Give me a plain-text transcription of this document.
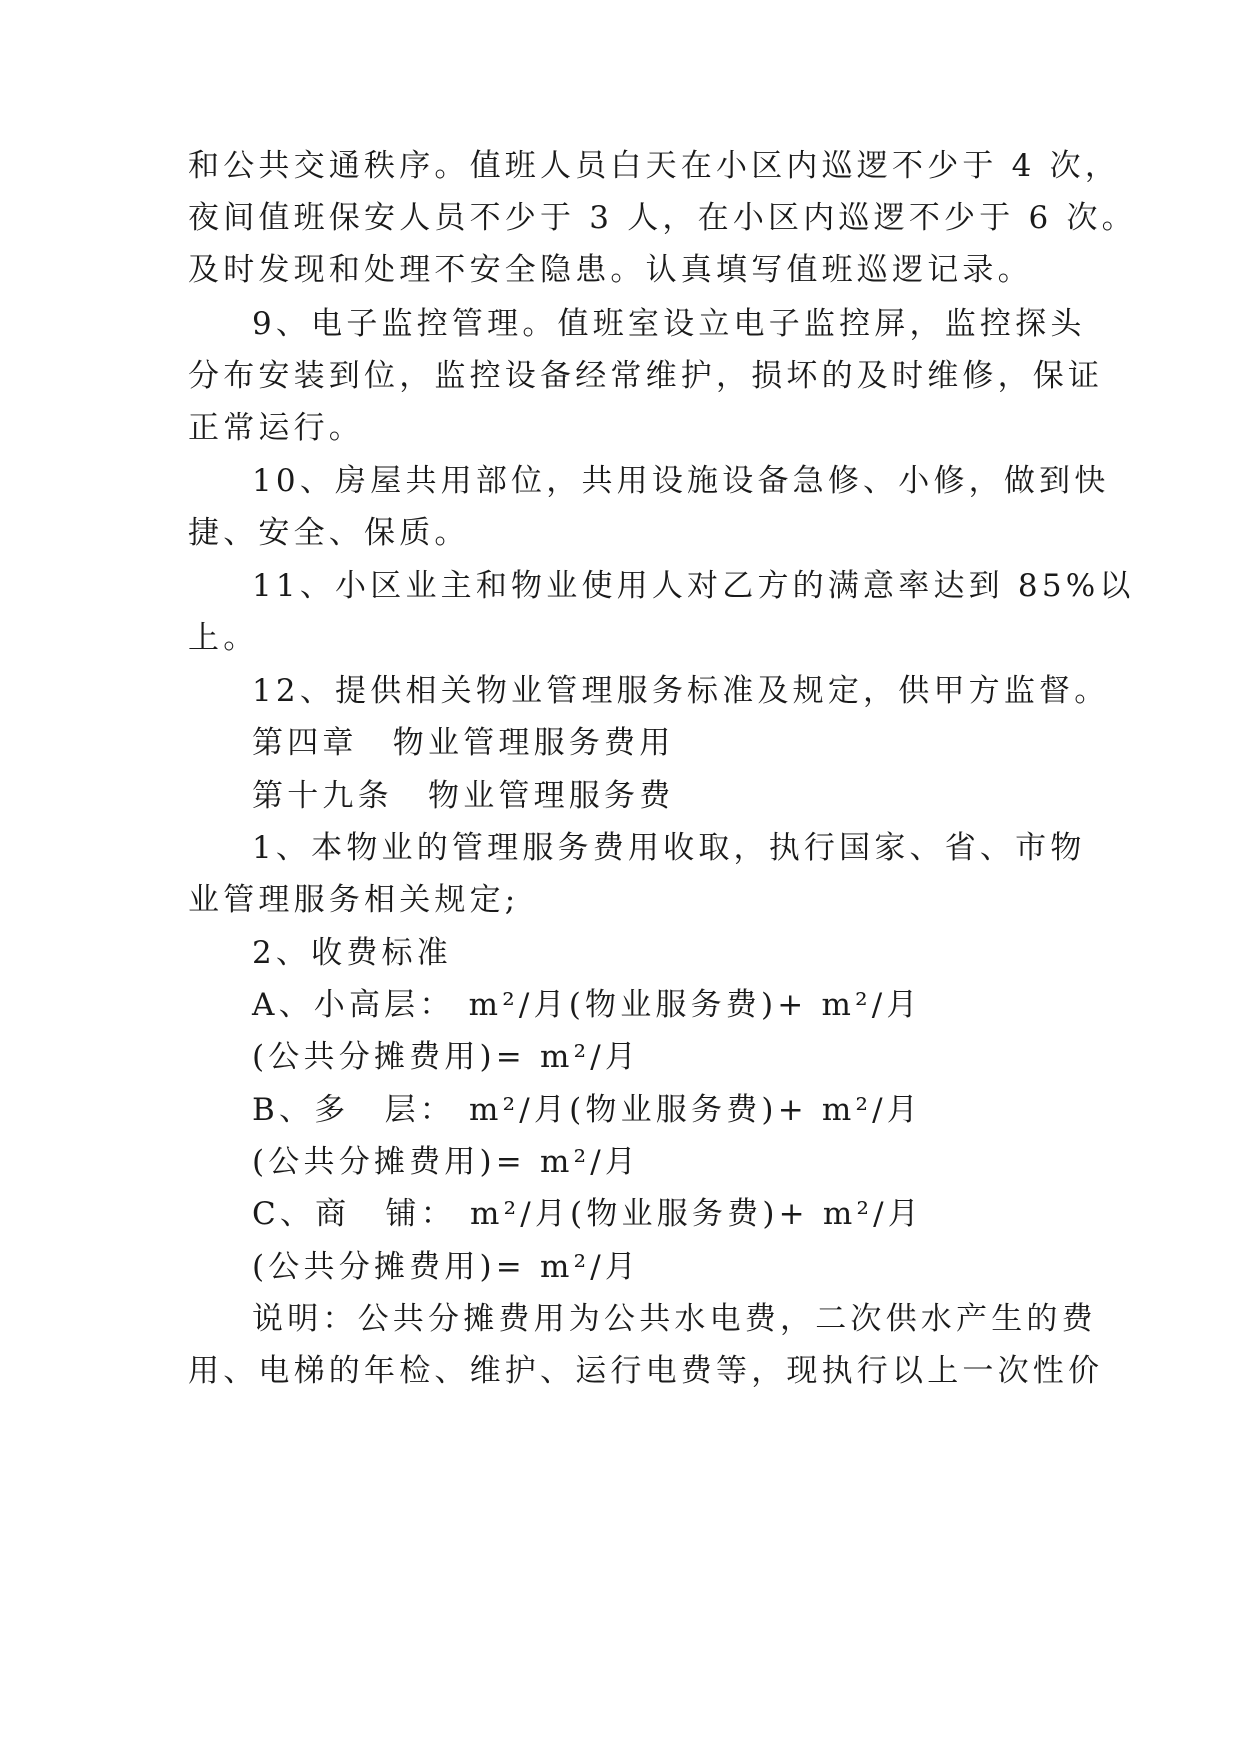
和公共交通秩序。值班人员白天在小区内巡逻不少于 4 次，
夜间值班保安人员不少于 3 人，在小区内巡逻不少于 6 次。
及时发现和处理不安全隐患。认真填写值班巡逻记录。
9、电子监控管理。值班室设立电子监控屏，监控探头
分布安装到位，监控设备经常维护，损坏的及时维修，保证
正常运行。
10、房屋共用部位，共用设施设备急修、小修，做到快
捷、安全、保质。
11、小区业主和物业使用人对乙方的满意率达到 85%以
上。
12、提供相关物业管理服务标准及规定，供甲方监督。
第四章　物业管理服务费用
第十九条　物业管理服务费
1、本物业的管理服务费用收取，执行国家、省、市物
业管理服务相关规定;
2、收费标准
A、小高层： m²/月(物业服务费)+ m²/月
(公共分摊费用)= m²/月
B、多　层： m²/月(物业服务费)+ m²/月
(公共分摊费用)= m²/月
C、商　铺： m²/月(物业服务费)+ m²/月
(公共分摊费用)= m²/月
说明：公共分摊费用为公共水电费，二次供水产生的费
用、电梯的年检、维护、运行电费等，现执行以上一次性价
